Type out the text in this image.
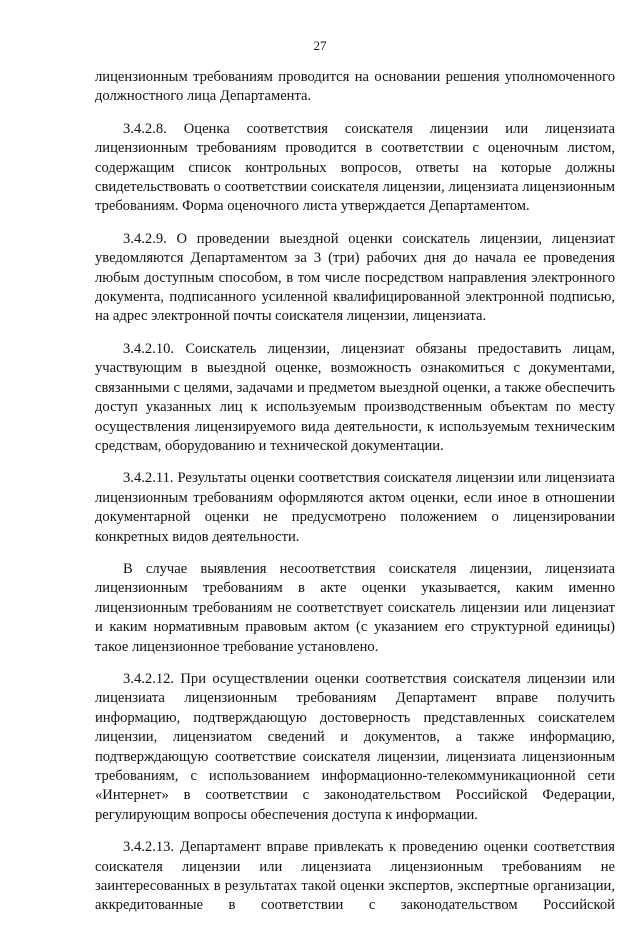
27

лицензионным требованиям проводится на основании решения уполномоченного должностного лица Департамента.

3.4.2.8. Оценка соответствия соискателя лицензии или лицензиата лицензионным требованиям проводится в соответствии с оценочным листом, содержащим список контрольных вопросов, ответы на которые должны свидетельствовать о соответствии соискателя лицензии, лицензиата лицензионным требованиям. Форма оценочного листа утверждается Департаментом.

3.4.2.9. О проведении выездной оценки соискатель лицензии, лицензиат уведомляются Департаментом за 3 (три) рабочих дня до начала ее проведения любым доступным способом, в том числе посредством направления электронного документа, подписанного усиленной квалифицированной электронной подписью, на адрес электронной почты соискателя лицензии, лицензиата.

3.4.2.10. Соискатель лицензии, лицензиат обязаны предоставить лицам, участвующим в выездной оценке, возможность ознакомиться с документами, связанными с целями, задачами и предметом выездной оценки, а также обеспечить доступ указанных лиц к используемым производственным объектам по месту осуществления лицензируемого вида деятельности, к используемым техническим средствам, оборудованию и технической документации.

3.4.2.11. Результаты оценки соответствия соискателя лицензии или лицензиата лицензионным требованиям оформляются актом оценки, если иное в отношении документарной оценки не предусмотрено положением о лицензировании конкретных видов деятельности.

В случае выявления несоответствия соискателя лицензии, лицензиата лицензионным требованиям в акте оценки указывается, каким именно лицензионным требованиям не соответствует соискатель лицензии или лицензиат и каким нормативным правовым актом (с указанием его структурной единицы) такое лицензионное требование установлено.

3.4.2.12. При осуществлении оценки соответствия соискателя лицензии или лицензиата лицензионным требованиям Департамент вправе получить информацию, подтверждающую достоверность представленных соискателем лицензии, лицензиатом сведений и документов, а также информацию, подтверждающую соответствие соискателя лицензии, лицензиата лицензионным требованиям, с использованием информационно-телекоммуникационной сети «Интернет» в соответствии с законодательством Российской Федерации, регулирующим вопросы обеспечения доступа к информации.

3.4.2.13. Департамент вправе привлекать к проведению оценки соответствия соискателя лицензии или лицензиата лицензионным требованиям не заинтересованных в результатах такой оценки экспертов, экспертные организации, аккредитованные в соответствии с законодательством Российской
